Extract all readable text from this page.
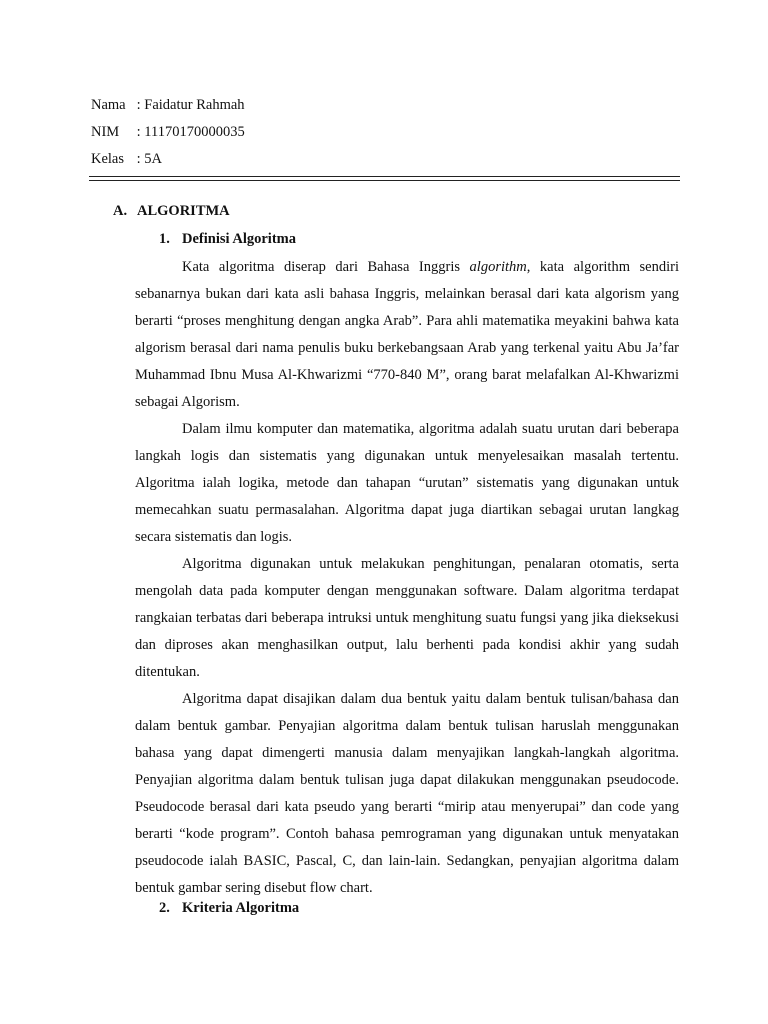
Nama : Faidatur Rahmah
NIM : 11170170000035
Kelas : 5A
A. ALGORITMA
1. Definisi Algoritma

Kata algoritma diserap dari Bahasa Inggris algorithm, kata algorithm sendiri sebanarnya bukan dari kata asli bahasa Inggris, melainkan berasal dari kata algorism yang berarti “proses menghitung dengan angka Arab”. Para ahli matematika meyakini bahwa kata algorism berasal dari nama penulis buku berkebangsaan Arab yang terkenal yaitu Abu Ja’far Muhammad Ibnu Musa Al-Khwarizmi “770-840 M”, orang barat melafalkan Al-Khwarizmi sebagai Algorism.

Dalam ilmu komputer dan matematika, algoritma adalah suatu urutan dari beberapa langkah logis dan sistematis yang digunakan untuk menyelesaikan masalah tertentu. Algoritma ialah logika, metode dan tahapan “urutan” sistematis yang digunakan untuk memecahkan suatu permasalahan. Algoritma dapat juga diartikan sebagai urutan langkag secara sistematis dan logis.

Algoritma digunakan untuk melakukan penghitungan, penalaran otomatis, serta mengolah data pada komputer dengan menggunakan software. Dalam algoritma terdapat rangkaian terbatas dari beberapa intruksi untuk menghitung suatu fungsi yang jika dieksekusi dan diproses akan menghasilkan output, lalu berhenti pada kondisi akhir yang sudah ditentukan.

Algoritma dapat disajikan dalam dua bentuk yaitu dalam bentuk tulisan/bahasa dan dalam bentuk gambar. Penyajian algoritma dalam bentuk tulisan haruslah menggunakan bahasa yang dapat dimengerti manusia dalam menyajikan langkah-langkah algoritma. Penyajian algoritma dalam bentuk tulisan juga dapat dilakukan menggunakan pseudocode. Pseudocode berasal dari kata pseudo yang berarti “mirip atau menyerupai” dan code yang berarti “kode program”. Contoh bahasa pemrograman yang digunakan untuk menyatakan pseudocode ialah BASIC, Pascal, C, dan lain-lain. Sedangkan, penyajian algoritma dalam bentuk gambar sering disebut flow chart.

2. Kriteria Algoritma
